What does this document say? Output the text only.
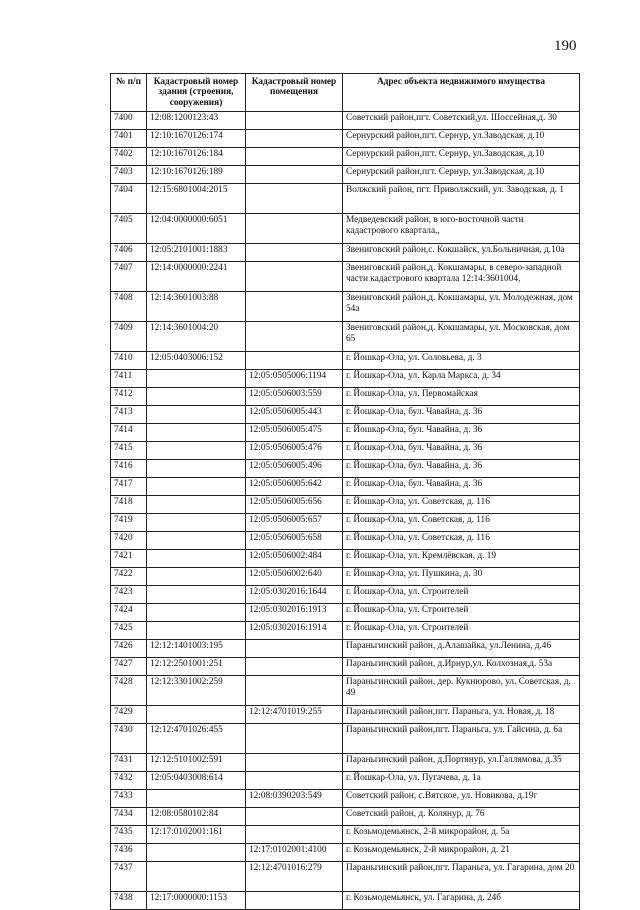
190
№ п/п	Кадастровый номер здания (строения, сооружения)	Кадастровый номер помещения	Адрес объекта недвижимого имущества
7400	12:08:1200123:43		Советский район,пгт. Советский,ул. Шоссейная,д. 30
7401	12:10:1670126:174		Сернурский район,пгт. Сернур, ул.Заводская, д.10
7402	12:10:1670126:184		Сернурский район,пгт. Сернур, ул.Заводская, д.10
7403	12:10:1670126:189		Сернурский район,пгт. Сернур, ул.Заводская, д.10
7404	12:15:6801004:2015		Волжский район, пгт. Приволжский, ул. Заводская, д. 1
7405	12:04:0000000:6051		Медведевский район, в юго-восточной части кадастрового квартала,,
7406	12:05:2101001:1883		Звениговский район,с. Кокшайск, ул.Больничная, д.10а
7407	12:14:0000000:2241		Звениговский район,д. Кокшамары, в северо-западной части кадастрового квартала 12:14:3601004,
7408	12:14:3601003:88		Звениговский район,д. Кокшамары, ул. Молодежная, дом 54а
7409	12:14:3601004:20		Звениговский район,д. Кокшамары, ул. Московская, дом 65
7410	12:05:0403006:152		г. Йошкар-Ола, ул. Соловьева, д. 3
7411		12:05:0505006:1194	г. Йошкар-Ола, ул. Карла Маркса, д. 34
7412		12:05:0506003:559	г. Йошкар-Ола, ул. Первомайская
7413		12:05:0506005:443	г. Йошкар-Ола, бул. Чавайна, д. 36
7414		12:05:0506005:475	г. Йошкар-Ола, бул. Чавайна, д. 36
7415		12:05:0506005:476	г. Йошкар-Ола, бул. Чавайна, д. 36
7416		12:05:0506005:496	г. Йошкар-Ола, бул. Чавайна, д. 36
7417		12:05:0506005:642	г. Йошкар-Ола, бул. Чавайна, д. 36
7418		12:05:0506005:656	г. Йошкар-Ола, ул. Советская, д. 116
7419		12:05:0506005:657	г. Йошкар-Ола, ул. Советская, д. 116
7420		12:05:0506005:658	г. Йошкар-Ола, ул. Советская, д. 116
7421		12:05:0506002:484	г. Йошкар-Ола, ул. Кремлёвская, д. 19
7422		12:05:0506002:640	г. Йошкар-Ола, ул. Пушкина, д. 30
7423		12:05:0302016:1644	г. Йошкар-Ола, ул. Строителей
7424		12:05:0302016:1913	г. Йошкар-Ола, ул. Строителей
7425		12:05:0302016:1914	г. Йошкар-Ола, ул. Строителей
7426	12:12:1401003:195		Параньгинский район, д.Алашайка, ул.Ленина, д.46
7427	12:12:2501001:251		Параньгинский район, д.Ирнур,ул. Колхозная,д. 53а
7428	12:12:3301002:259		Параньгинский район, дер. Кукнюрово, ул. Советская, д. 49
7429		12:12:4701019:255	Параньгинский район,пгт. Параньга, ул. Новая, д. 18
7430	12:12:4701026:455		Параньгинский район,пгт. Параньга, ул. Гайсина, д. 6а
7431	12:12:5101002:591		Параньгинский район, д.Портянур, ул.Галлямова, д.35
7432	12:05:0403008:614		г. Йошкар-Ола, ул. Пугачева, д. 1а
7433		12:08:0390203:549	Советский район, с.Вятское, ул. Новикова, д.19г
7434	12:08:0580102:84		Советский район, д. Колянур, д. 76
7435	12:17:0102001:161		г. Козьмодемьянск, 2-й микрорайон, д. 5а
7436		12:17:0102001:4100	г. Козьмодемьянск, 2-й микрорайон, д. 21
7437		12:12:4701016:279	Параньгинский район,пгт. Параньга, ул. Гагарина, дом 20
7438	12:17:0000000:1153		г. Козьмодемьянск, ул. Гагарина, д. 24б
